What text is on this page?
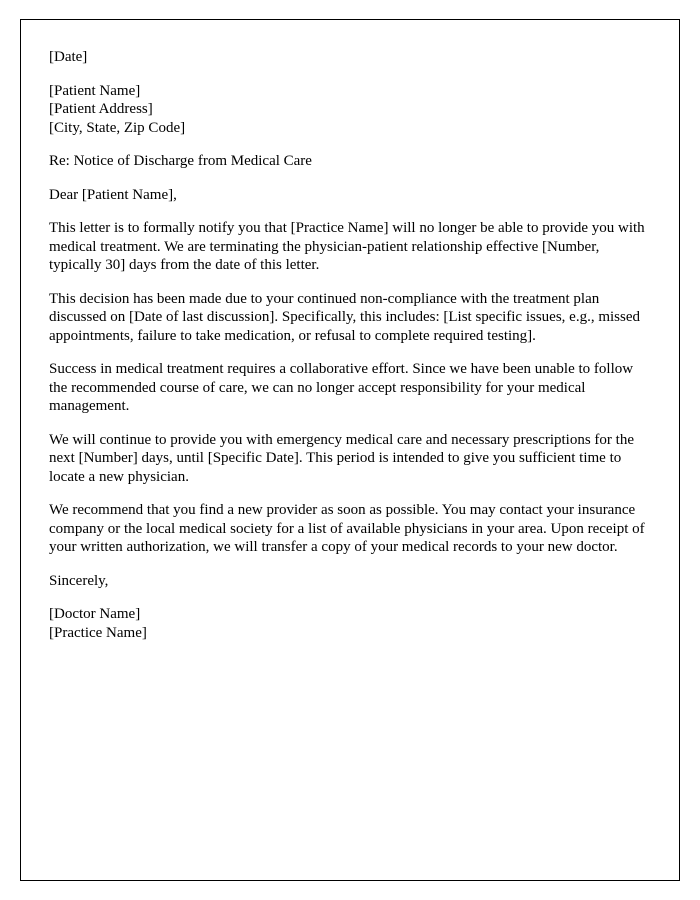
[Date]
[Patient Name]
[Patient Address]
[City, State, Zip Code]
Re: Notice of Discharge from Medical Care
Dear [Patient Name],

This letter is to formally notify you that [Practice Name] will no longer be able to provide you with medical treatment. We are terminating the physician-patient relationship effective [Number, typically 30] days from the date of this letter.

This decision has been made due to your continued non-compliance with the treatment plan discussed on [Date of last discussion]. Specifically, this includes: [List specific issues, e.g., missed appointments, failure to take medication, or refusal to complete required testing].

Success in medical treatment requires a collaborative effort. Since we have been unable to follow the recommended course of care, we can no longer accept responsibility for your medical management.

We will continue to provide you with emergency medical care and necessary prescriptions for the next [Number] days, until [Specific Date]. This period is intended to give you sufficient time to locate a new physician.

We recommend that you find a new provider as soon as possible. You may contact your insurance company or the local medical society for a list of available physicians in your area. Upon receipt of your written authorization, we will transfer a copy of your medical records to your new doctor.

Sincerely,
[Doctor Name]
[Practice Name]
